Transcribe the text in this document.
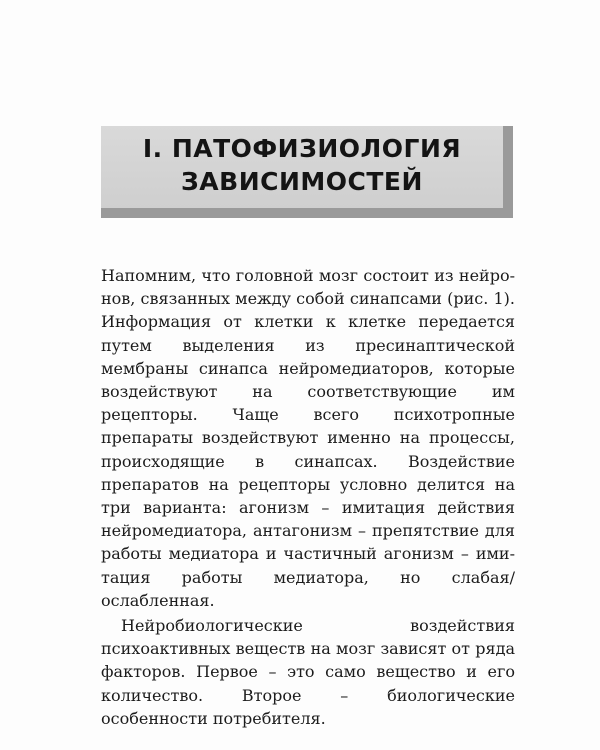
I. ПАТОФИЗИОЛОГИЯ
ЗАВИСИМОСТЕЙ

Напомним, что головной мозг состоит из нейронов, связанных между собой синапсами (рис. 1). Информация от клетки к клетке передается путем выделения из пресинаптической мембраны синапса нейромедиаторов, которые воздействуют на соответствующие им рецепторы. Чаще всего психотропные препараты воздействуют именно на процессы, происходящие в синапсах. Воздействие препаратов на рецепторы условно делится на три варианта: агонизм – имитация действия нейромедиатора, антагонизм – препятствие для работы медиатора и частичный агонизм – имитация работы медиатора, но слабая/ослабленная.

Нейробиологические воздействия психоактивных веществ на мозг зависят от ряда факторов. Первое – это само вещество и его количество. Второе – биологические особенности потребителя.
